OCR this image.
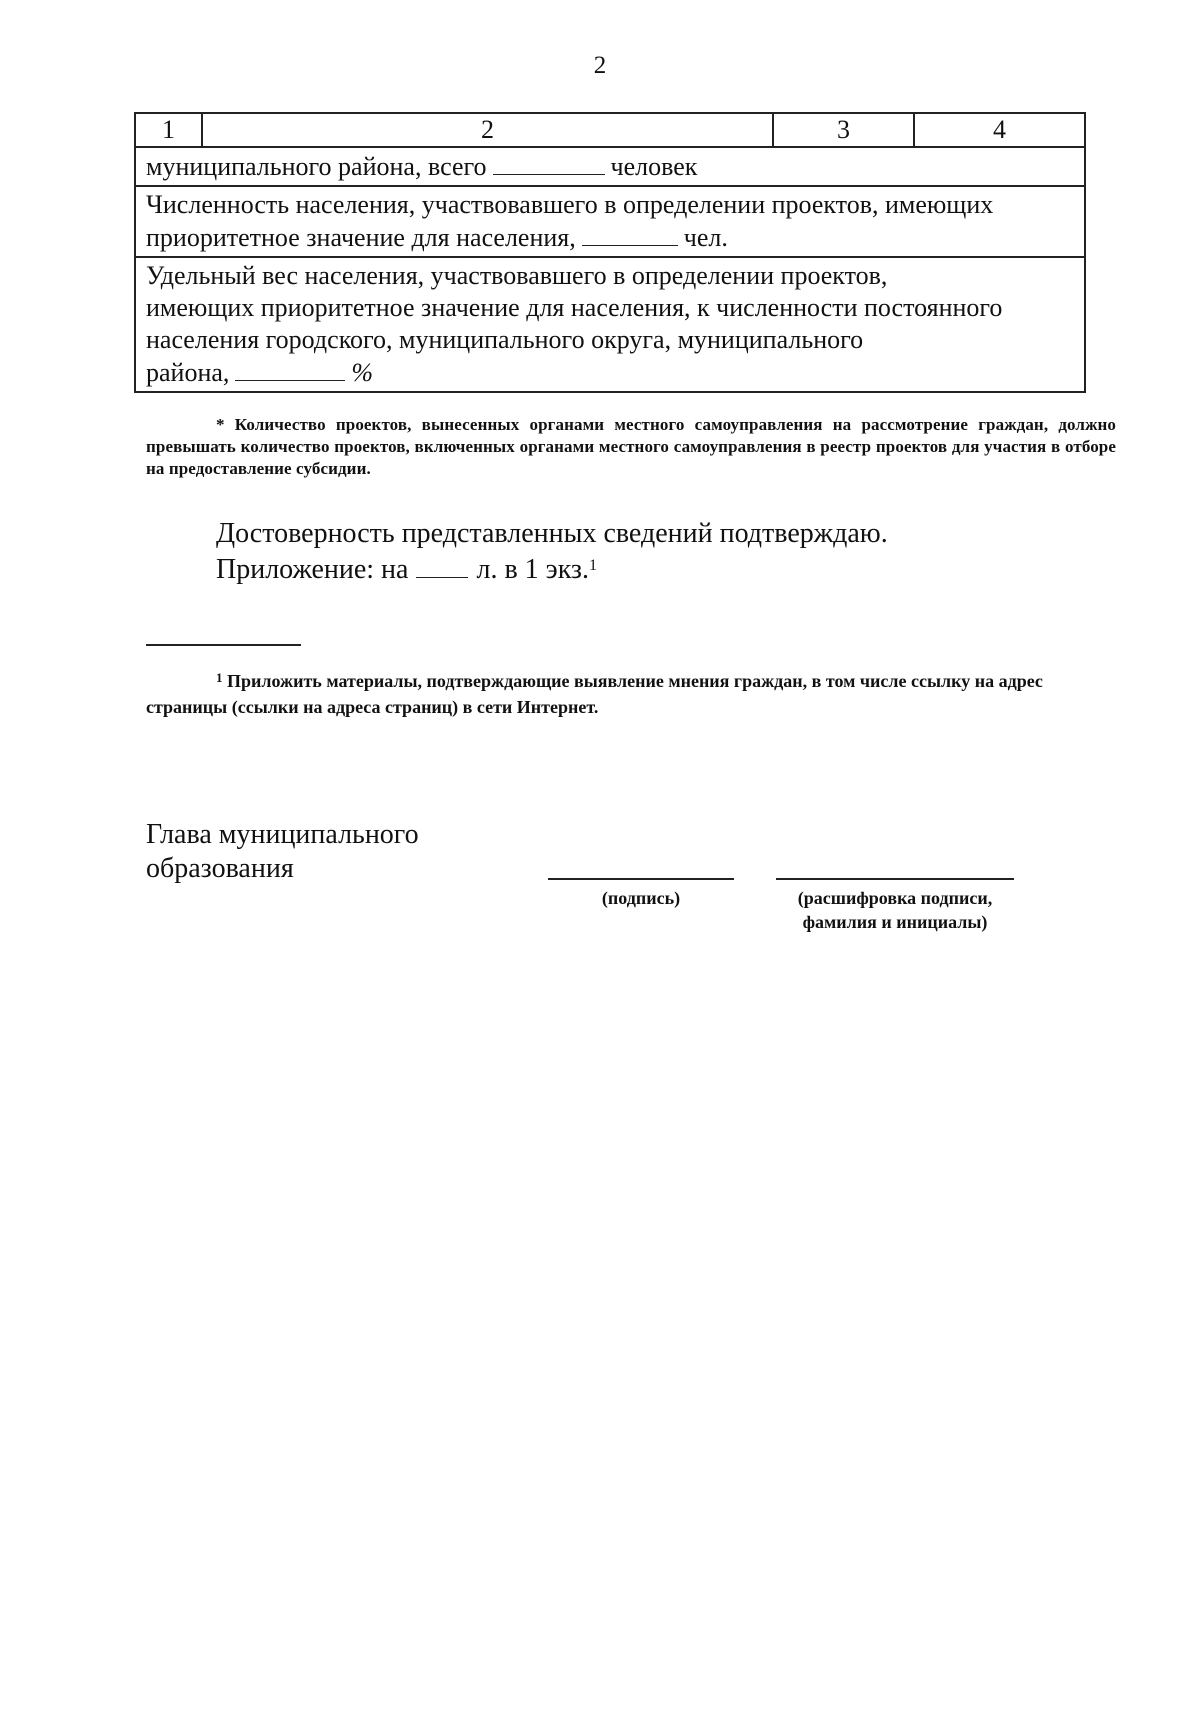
2
1	2	3	4
муниципального района, всего	человек

Численность населения, участвовавшего в определении проектов, имеющих
приоритетное значение для населения,	чел.

Удельный вес населения, участвовавшего в определении проектов,
имеющих приоритетное значение для населения, к численности постоянного
населения городского, муниципального округа, муниципального
района,	%
* Количество проектов, вынесенных органами местного самоуправления на рассмотрение граждан, должно превышать количество проектов, включенных органами местного самоуправления в реестр проектов для участия в отборе на предоставление субсидии.
Достоверность представленных сведений подтверждаю.
Приложение: на л. в 1 экз.$^1$
$^1$ Приложить материалы, подтверждающие выявление мнения граждан, в том числе ссылку на адрес страницы (ссылки на адреса страниц) в сети Интернет.
Глава муниципального
образования
(подпись)	(расшифровка подписи,
фамилия и инициалы)
